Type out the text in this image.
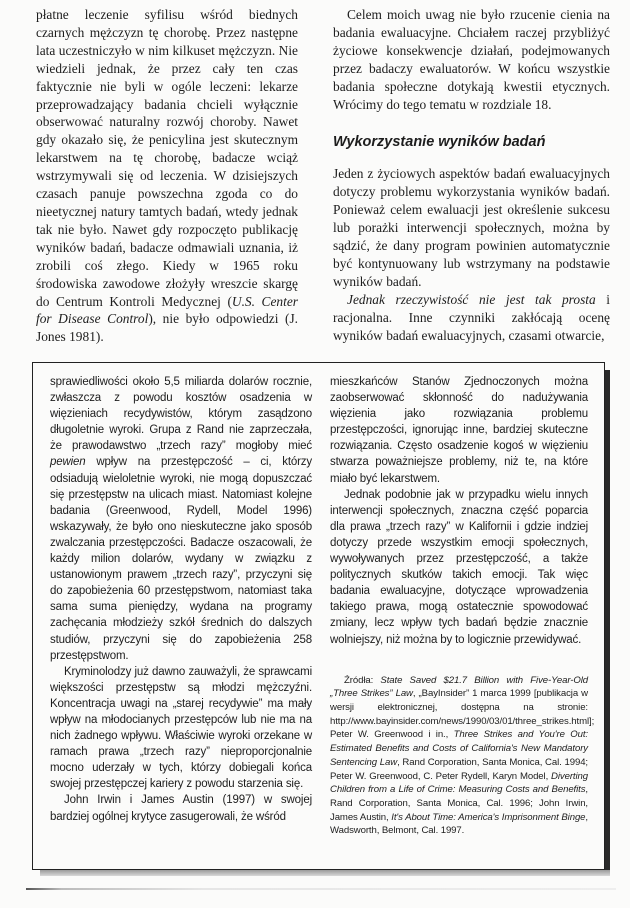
płatne leczenie syfilisu wśród biednych czarnych mężczyzn tę chorobę. Przez następne lata uczestniczyło w nim kilkuset mężczyzn. Nie wiedzieli jednak, że przez cały ten czas faktycznie nie byli w ogóle leczeni: lekarze przeprowadzający badania chcieli wyłącznie obserwować naturalny rozwój choroby. Nawet gdy okazało się, że penicylina jest skutecznym lekarstwem na tę chorobę, badacze wciąż wstrzymywali się od leczenia. W dzisiejszych czasach panuje powszechna zgoda co do nieetycznej natury tamtych badań, wtedy jednak tak nie było. Nawet gdy rozpoczęto publikację wyników badań, badacze odmawiali uznania, iż zrobili coś złego. Kiedy w 1965 roku środowiska zawodowe złożyły wreszcie skargę do Centrum Kontroli Medycznej (U.S. Center for Disease Control), nie było odpowiedzi (J. Jones 1981).

Celem moich uwag nie było rzucenie cienia na badania ewaluacyjne. Chciałem raczej przybliżyć życiowe konsekwencje działań, podejmowanych przez badaczy ewaluatorów. W końcu wszystkie badania społeczne dotykają kwestii etycznych. Wrócimy do tego tematu w rozdziale 18.

Wykorzystanie wyników badań

Jeden z życiowych aspektów badań ewaluacyjnych dotyczy problemu wykorzystania wyników badań. Ponieważ celem ewaluacji jest określenie sukcesu lub porażki interwencji społecznych, można by sądzić, że dany program powinien automatycznie być kontynuowany lub wstrzymany na podstawie wyników badań.

Jednak rzeczywistość nie jest tak prosta i racjonalna. Inne czynniki zakłócają ocenę wyników badań ewaluacyjnych, czasami otwarcie,

sprawiedliwości około 5,5 miliarda dolarów rocznie, zwłaszcza z powodu kosztów osadzenia w więzieniach recydywistów, którym zasądzono długoletnie wyroki. Grupa z Rand nie zaprzeczała, że prawodawstwo „trzech razy” mogłoby mieć pewien wpływ na przestępczość – ci, którzy odsiadują wieloletnie wyroki, nie mogą dopuszczać się przestępstw na ulicach miast. Natomiast kolejne badania (Greenwood, Rydell, Model 1996) wskazywały, że było ono nieskuteczne jako sposób zwalczania przestępczości. Badacze oszacowali, że każdy milion dolarów, wydany w związku z ustanowionym prawem „trzech razy”, przyczyni się do zapobieżenia 60 przestępstwom, natomiast taka sama suma pieniędzy, wydana na programy zachęcania młodzieży szkół średnich do dalszych studiów, przyczyni się do zapobieżenia 258 przestępstwom.

Kryminolodzy już dawno zauważyli, że sprawcami większości przestępstw są młodzi mężczyźni. Koncentracja uwagi na „starej recydywie” ma mały wpływ na młodocianych przestępców lub nie ma na nich żadnego wpływu. Właściwie wyroki orzekane w ramach prawa „trzech razy” nieproporcjonalnie mocno uderzały w tych, którzy dobiegali końca swojej przestępczej kariery z powodu starzenia się.

John Irwin i James Austin (1997) w swojej bardziej ogólnej krytyce zasugerowali, że wśród

mieszkańców Stanów Zjednoczonych można zaobserwować skłonność do nadużywania więzienia jako rozwiązania problemu przestępczości, ignorując inne, bardziej skuteczne rozwiązania. Często osadzenie kogoś w więzieniu stwarza poważniejsze problemy, niż te, na które miało być lekarstwem.

Jednak podobnie jak w przypadku wielu innych interwencji społecznych, znaczna część poparcia dla prawa „trzech razy” w Kalifornii i gdzie indziej dotyczy przede wszystkim emocji społecznych, wywoływanych przez przestępczość, a także politycznych skutków takich emocji. Tak więc badania ewaluacyjne, dotyczące wprowadzenia takiego prawa, mogą ostatecznie spowodować zmiany, lecz wpływ tych badań będzie znacznie wolniejszy, niż można by to logicznie przewidywać.

Źródła: State Saved $21.7 Billion with Five-Year-Old „Three Strikes” Law, „BayInsider” 1 marca 1999 [publikacja w wersji elektronicznej, dostępna na stronie: http://www.bayinsider.com/news/1990/03/01/three_strikes.html]; Peter W. Greenwood i in., Three Strikes and You're Out: Estimated Benefits and Costs of California's New Mandatory Sentencing Law, Rand Corporation, Santa Monica, Cal. 1994; Peter W. Greenwood, C. Peter Rydell, Karyn Model, Diverting Children from a Life of Crime: Measuring Costs and Benefits, Rand Corporation, Santa Monica, Cal. 1996; John Irwin, James Austin, It's About Time: America's Imprisonment Binge, Wadsworth, Belmont, Cal. 1997.
